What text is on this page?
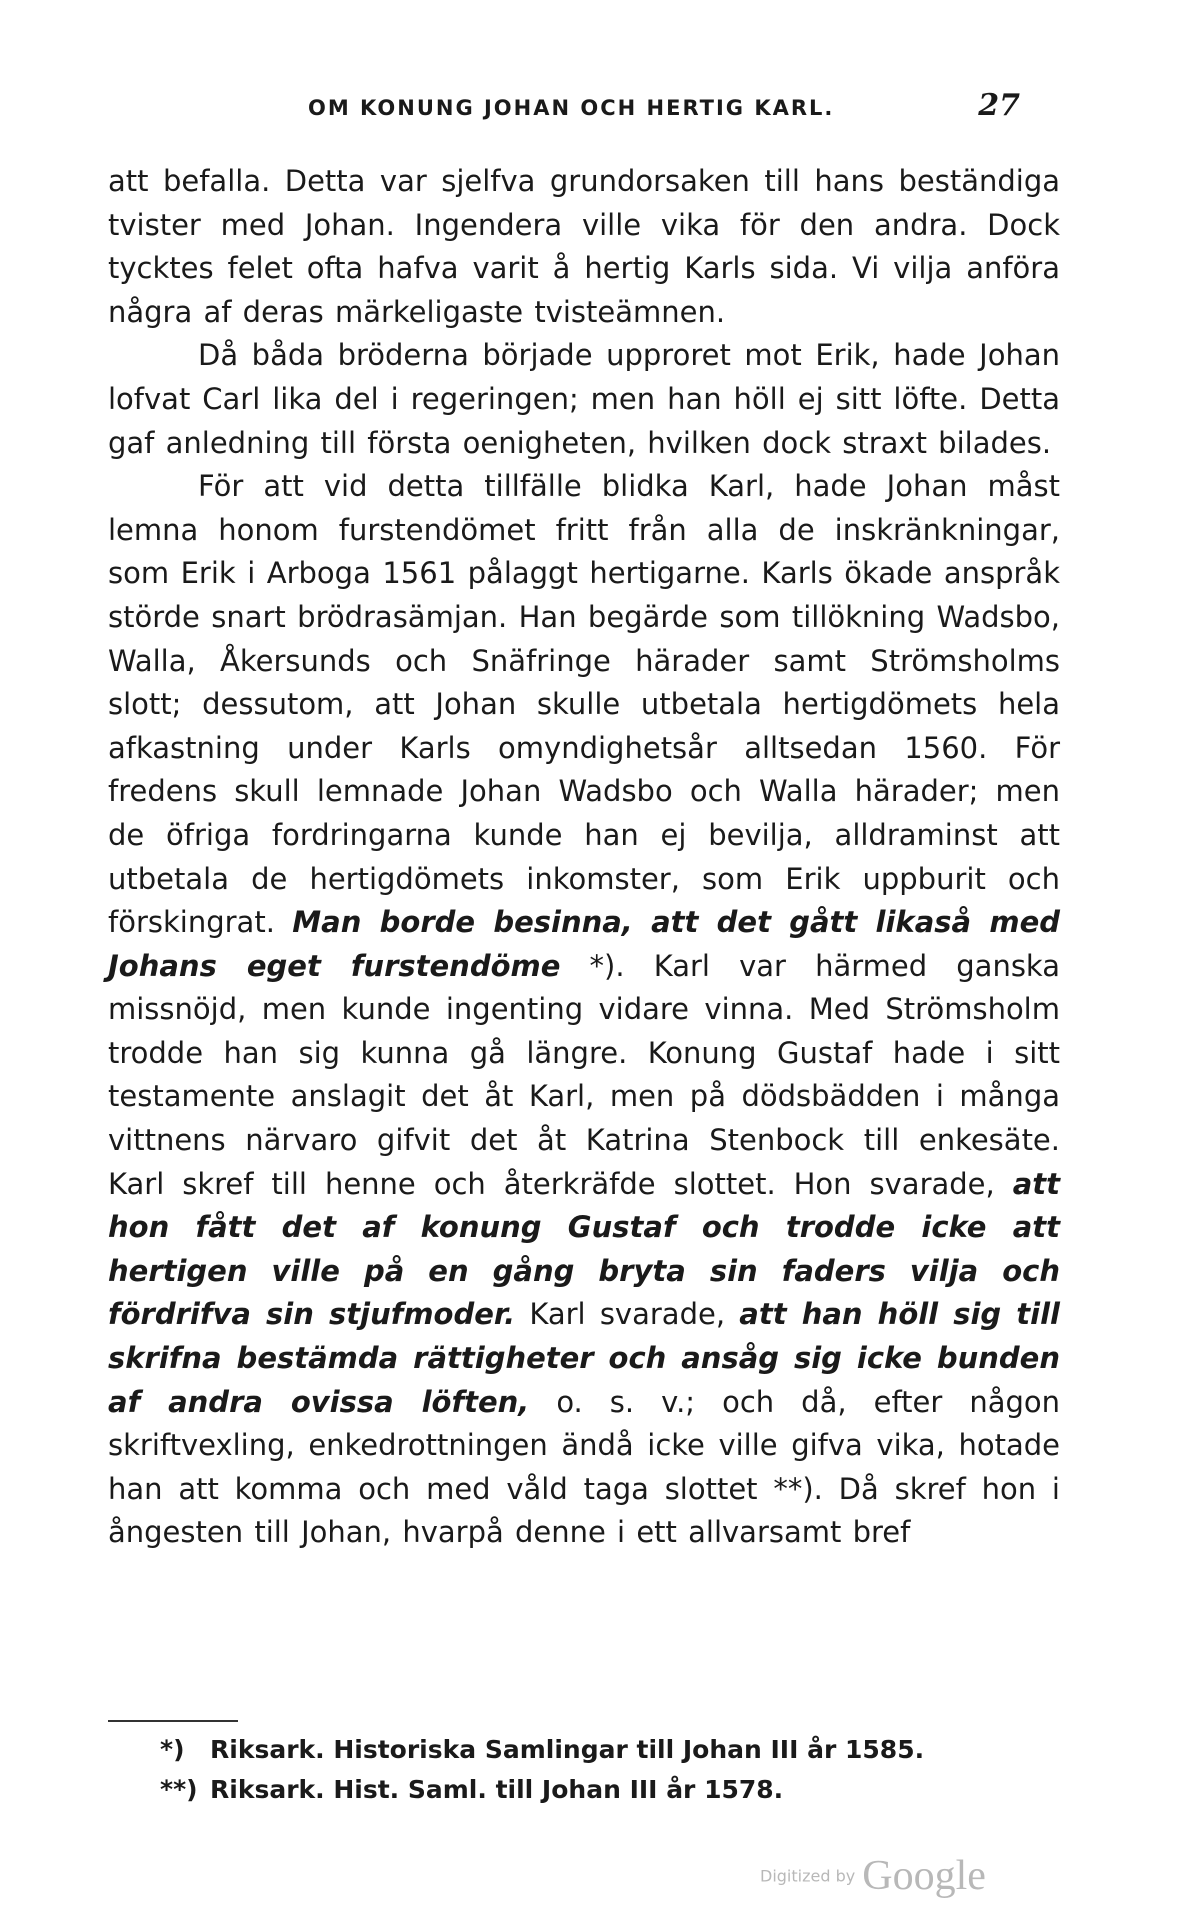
OM KONUNG JOHAN OCH HERTIG KARL.	27

att befalla. Detta var sjelfva grundorsaken till hans beständiga tvister med Johan. Ingendera ville vika för den andra. Dock tycktes felet ofta hafva varit å hertig Karls sida. Vi vilja anföra några af deras märkeligaste tvisteämnen.

Då båda bröderna började upproret mot Erik, hade Johan lofvat Carl lika del i regeringen; men han höll ej sitt löfte. Detta gaf anledning till första oenigheten, hvilken dock straxt bilades.

För att vid detta tillfälle blidka Karl, hade Johan måst lemna honom furstendömet fritt från alla de inskränkningar, som Erik i Arboga 1561 pålaggt hertigarne. Karls ökade anspråk störde snart brödrasämjan. Han begärde som tillökning Wadsbo, Walla, Åkersunds och Snäfringe härader samt Strömsholms slott; dessutom, att Johan skulle utbetala hertigdömets hela afkastning under Karls omyndighetsår alltsedan 1560. För fredens skull lemnade Johan Wadsbo och Walla härader; men de öfriga fordringarna kunde han ej bevilja, alldraminst att utbetala de hertigdömets inkomster, som Erik uppburit och förskingrat. Man borde besinna, att det gått likaså med Johans eget furstendöme *). Karl var härmed ganska missnöjd, men kunde ingenting vidare vinna. Med Strömsholm trodde han sig kunna gå längre. Konung Gustaf hade i sitt testamente anslagit det åt Karl, men på dödsbädden i många vittnens närvaro gifvit det åt Katrina Stenbock till enkesäte. Karl skref till henne och återkräfde slottet. Hon svarade, att hon fått det af konung Gustaf och trodde icke att hertigen ville på en gång bryta sin faders vilja och fördrifva sin stjufmoder. Karl svarade, att han höll sig till skrifna bestämda rättigheter och ansåg sig icke bunden af andra ovissa löften, o. s. v.; och då, efter någon skriftvexling, enkedrottningen ändå icke ville gifva vika, hotade han att komma och med våld taga slottet **). Då skref hon i ångesten till Johan, hvarpå denne i ett allvarsamt bref

*) Riksark. Historiska Samlingar till Johan III år 1585.
**) Riksark. Hist. Saml. till Johan III år 1578.
Digitized by Google
